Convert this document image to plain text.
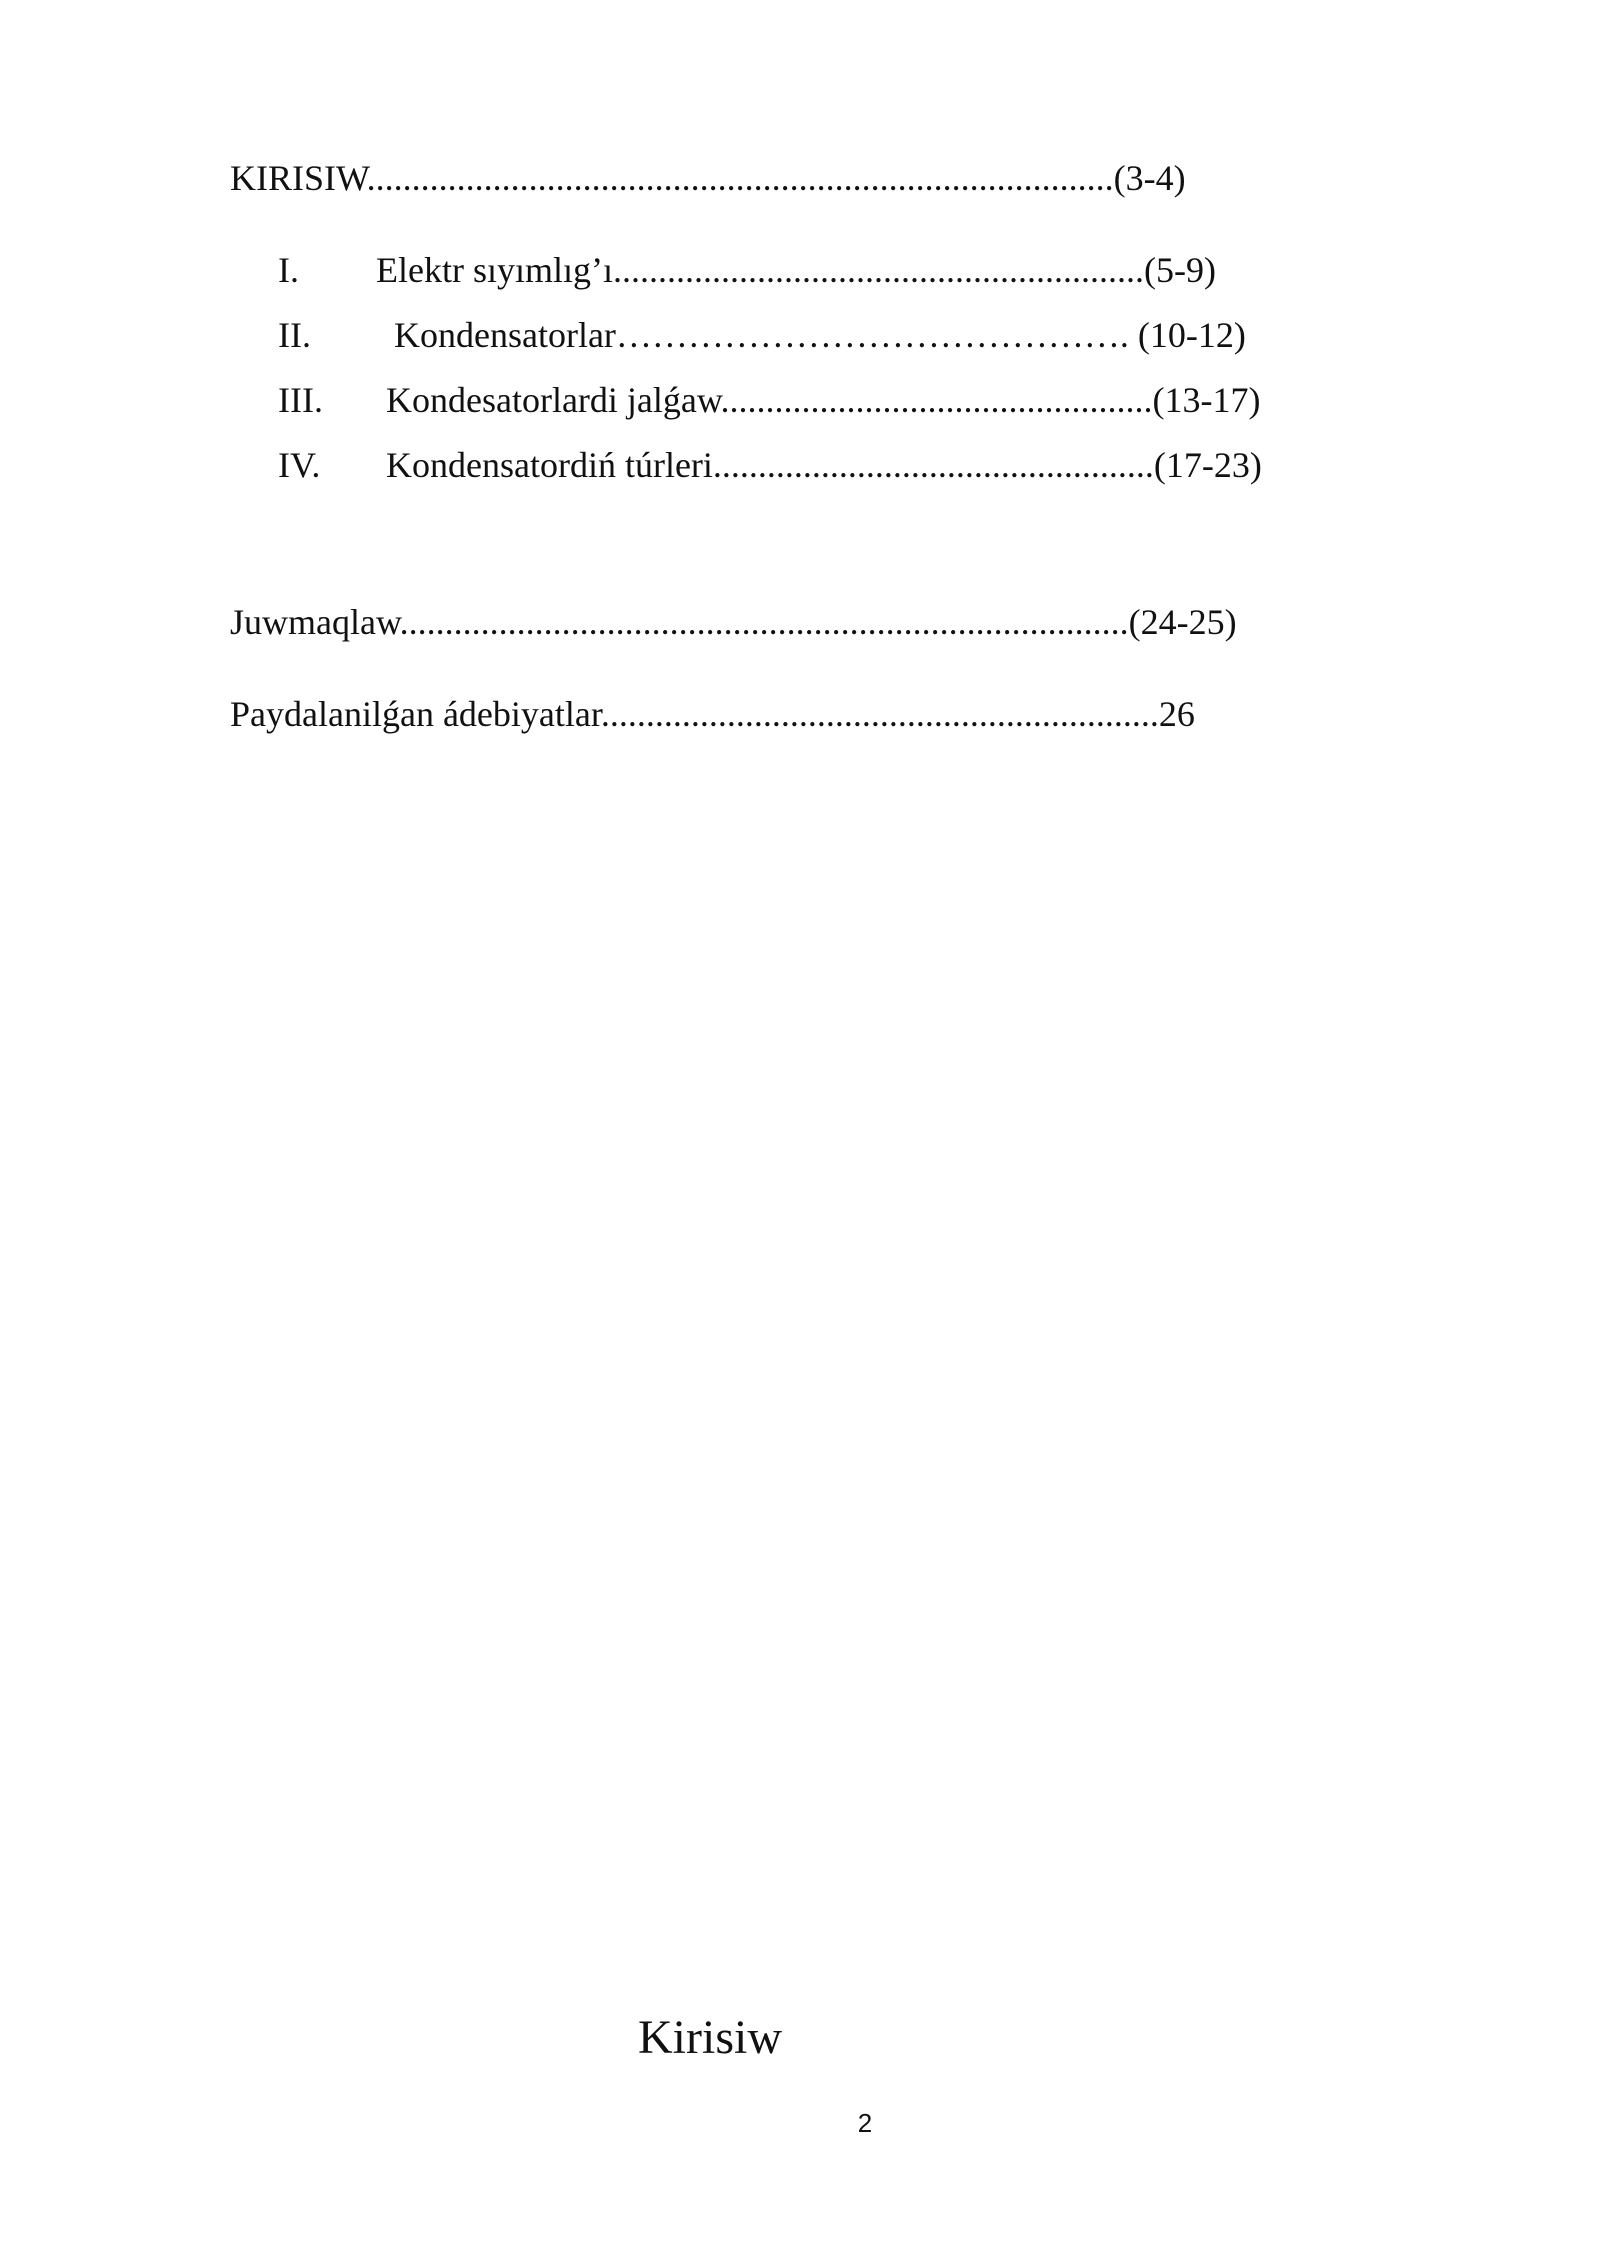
KIRISIW...................................................................................(3-4)
I. Elektr sıyımlıg’ı...........................................................(5-9)
II. Kondensatorlar……………………………………. (10-12)
III. Kondesatorlardi jalǵaw................................................(13-17)
IV. Kondensatordiń túrleri.................................................(17-23)
Juwmaqlaw.................................................................................(24-25)
Paydalanilǵan ádebiyatlar..............................................................26
Kirisiw
2
